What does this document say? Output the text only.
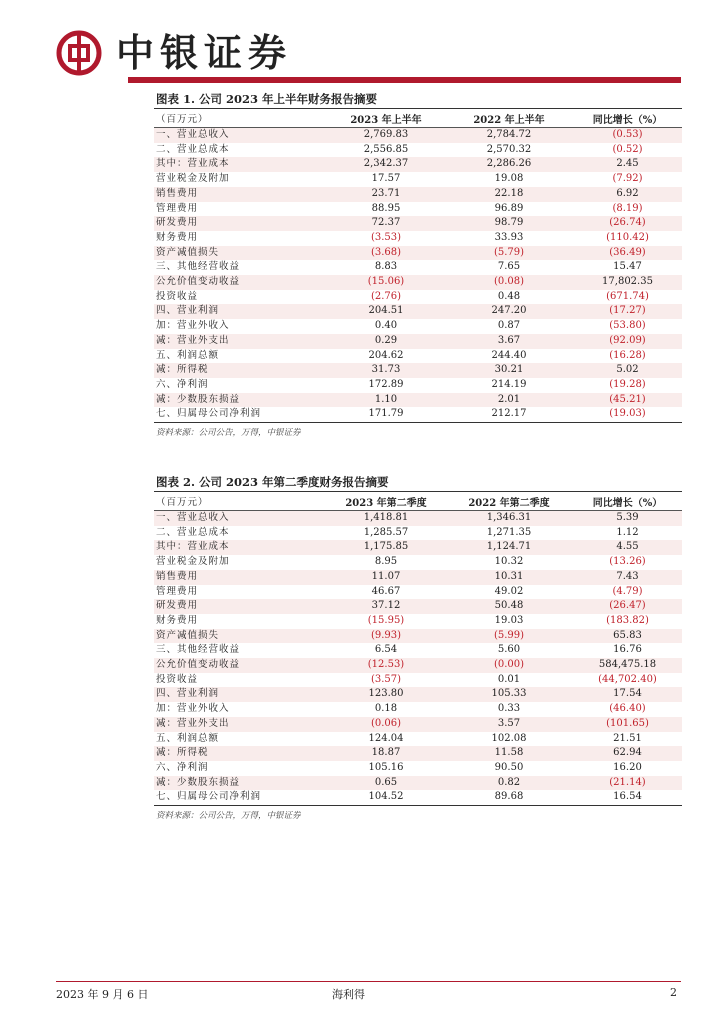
中银证券
图表 1. 公司 2023 年上半年财务报告摘要
（百万元）	2023 年上半年	2022 年上半年	同比增长（%）
一、营业总收入	2,769.83	2,784.72	(0.53)
二、营业总成本	2,556.85	2,570.32	(0.52)
其中：营业成本	2,342.37	2,286.26	2.45
营业税金及附加	17.57	19.08	(7.92)
销售费用	23.71	22.18	6.92
管理费用	88.95	96.89	(8.19)
研发费用	72.37	98.79	(26.74)
财务费用	(3.53)	33.93	(110.42)
资产减值损失	(3.68)	(5.79)	(36.49)
三、其他经营收益	8.83	7.65	15.47
公允价值变动收益	(15.06)	(0.08)	17,802.35
投资收益	(2.76)	0.48	(671.74)
四、营业利润	204.51	247.20	(17.27)
加：营业外收入	0.40	0.87	(53.80)
减：营业外支出	0.29	3.67	(92.09)
五、利润总额	204.62	244.40	(16.28)
减：所得税	31.73	30.21	5.02
六、净利润	172.89	214.19	(19.28)
减：少数股东损益	1.10	2.01	(45.21)
七、归属母公司净利润	171.79	212.17	(19.03)
资料来源：公司公告，万得，中银证券
图表 2. 公司 2023 年第二季度财务报告摘要
（百万元）	2023 年第二季度	2022 年第二季度	同比增长（%）
一、营业总收入	1,418.81	1,346.31	5.39
二、营业总成本	1,285.57	1,271.35	1.12
其中：营业成本	1,175.85	1,124.71	4.55
营业税金及附加	8.95	10.32	(13.26)
销售费用	11.07	10.31	7.43
管理费用	46.67	49.02	(4.79)
研发费用	37.12	50.48	(26.47)
财务费用	(15.95)	19.03	(183.82)
资产减值损失	(9.93)	(5.99)	65.83
三、其他经营收益	6.54	5.60	16.76
公允价值变动收益	(12.53)	(0.00)	584,475.18
投资收益	(3.57)	0.01	(44,702.40)
四、营业利润	123.80	105.33	17.54
加：营业外收入	0.18	0.33	(46.40)
减：营业外支出	(0.06)	3.57	(101.65)
五、利润总额	124.04	102.08	21.51
减：所得税	18.87	11.58	62.94
六、净利润	105.16	90.50	16.20
减：少数股东损益	0.65	0.82	(21.14)
七、归属母公司净利润	104.52	89.68	16.54
资料来源：公司公告，万得，中银证券
2023 年 9 月 6 日	海利得	2
